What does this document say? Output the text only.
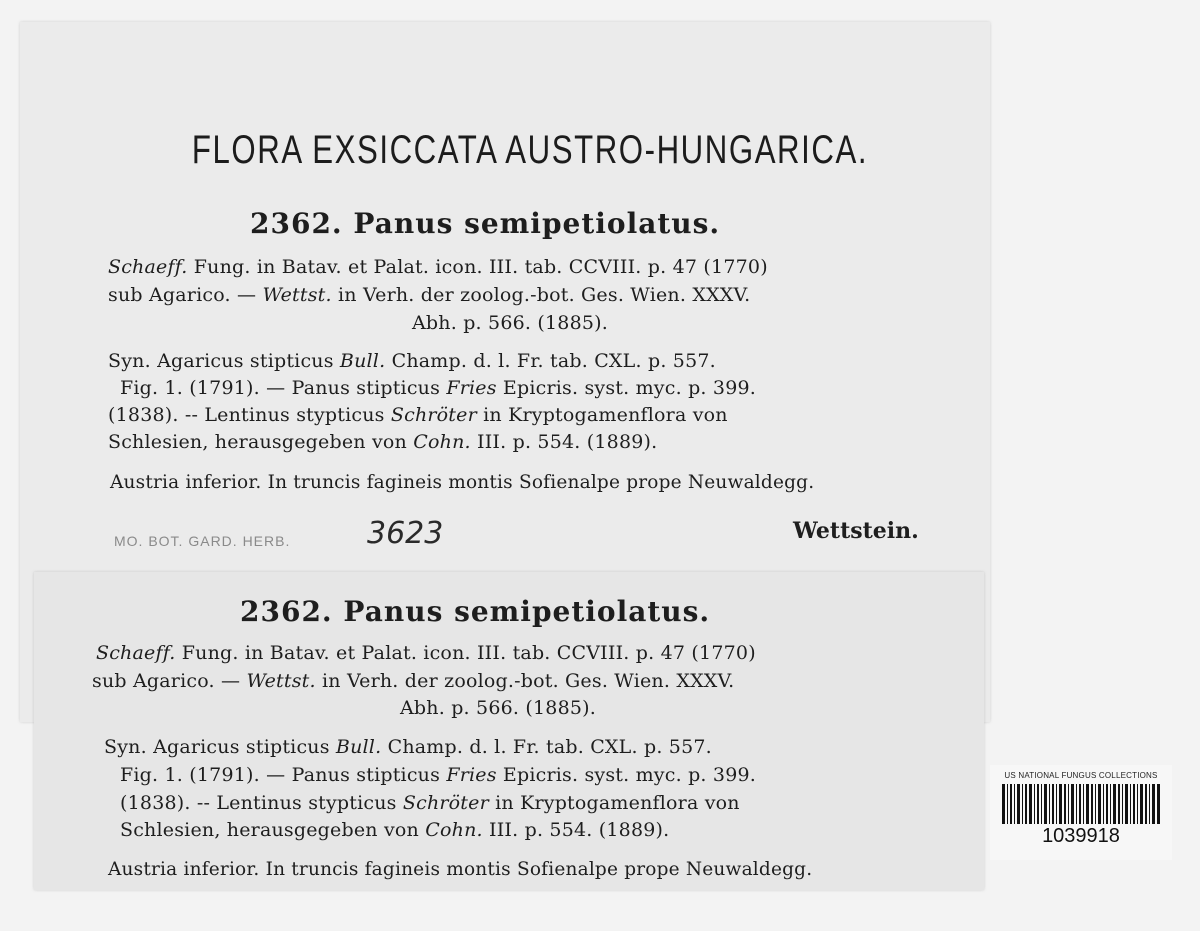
FLORA EXSICCATA AUSTRO-HUNGARICA.
2362. Panus semipetiolatus.
Schaeff. Fung. in Batav. et Palat. icon. III. tab. CCVIII. p. 47 (1770)
sub Agarico. — Wettst. in Verh. der zoolog.-bot. Ges. Wien. XXXV.
Abh. p. 566. (1885).
Syn. Agaricus stipticus Bull. Champ. d. l. Fr. tab. CXL. p. 557.
Fig. 1. (1791). — Panus stipticus Fries Epicris. syst. myc. p. 399.
(1838). -- Lentinus stypticus Schröter in Kryptogamenflora von
Schlesien, herausgegeben von Cohn. III. p. 554. (1889).
Austria inferior. In truncis fagineis montis Sofienalpe prope Neuwaldegg.
MO. BOT. GARD. HERB.	3623	Wettstein.
2362. Panus semipetiolatus.
Schaeff. Fung. in Batav. et Palat. icon. III. tab. CCVIII. p. 47 (1770)
sub Agarico. — Wettst. in Verh. der zoolog.-bot. Ges. Wien. XXXV.
Abh. p. 566. (1885).
Syn. Agaricus stipticus Bull. Champ. d. l. Fr. tab. CXL. p. 557.
Fig. 1. (1791). — Panus stipticus Fries Epicris. syst. myc. p. 399.
(1838). -- Lentinus stypticus Schröter in Kryptogamenflora von
Schlesien, herausgegeben von Cohn. III. p. 554. (1889).
Austria inferior. In truncis fagineis montis Sofienalpe prope Neuwaldegg.
US NATIONAL FUNGUS COLLECTIONS
1039918
